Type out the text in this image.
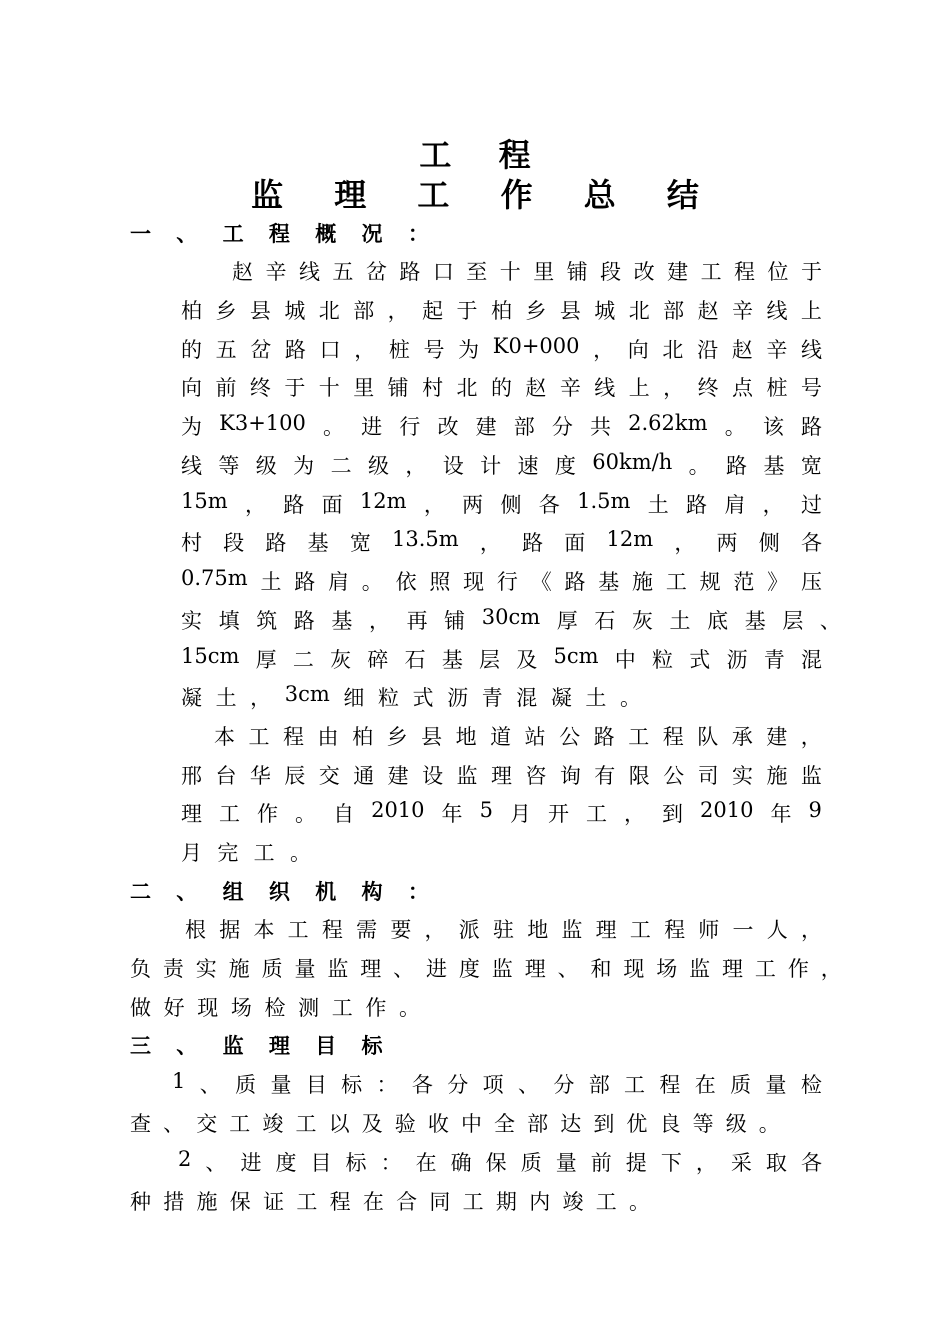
工 程
监 理 工 作 总 结
一 、 工 程 概 况 ：
赵 辛 线 五 岔 路 口 至 十 里 铺 段 改 建 工 程 位 于
柏 乡 县 城 北 部 ， 起 于 柏 乡 县 城 北 部 赵 辛 线 上
的 五 岔 路 口 ， 桩 号 为 K0+000 ， 向 北 沿 赵 辛 线
向 前 终 于 十 里 铺 村 北 的 赵 辛 线 上 ， 终 点 桩 号
为 K3+100 。 进 行 改 建 部 分 共 2.62km 。 该 路
线 等 级 为 二 级 ， 设 计 速 度 60km/h 。 路 基 宽
15m ， 路 面 12m ， 两 侧 各 1.5m 土 路 肩 ， 过
村 段 路 基 宽 13.5m ， 路 面 12m ， 两 侧 各
0.75m 土 路 肩 。 依 照 现 行 《 路 基 施 工 规 范 》 压
实 填 筑 路 基 ， 再 铺 30cm 厚 石 灰 土 底 基 层 、
15cm 厚 二 灰 碎 石 基 层 及 5cm 中 粒 式 沥 青 混
凝 土 ， 3cm 细 粒 式 沥 青 混 凝 土 。
本 工 程 由 柏 乡 县 地 道 站 公 路 工 程 队 承 建 ，
邢 台 华 辰 交 通 建 设 监 理 咨 询 有 限 公 司 实 施 监
理 工 作 。 自 2010 年 5 月 开 工 ， 到 2010 年 9
月 完 工 。
二 、 组 织 机 构 ：
根 据 本 工 程 需 要 ， 派 驻 地 监 理 工 程 师 一 人 ，
负 责 实 施 质 量 监 理 、 进 度 监 理 、 和 现 场 监 理 工 作 ，
做 好 现 场 检 测 工 作 。
三 、 监 理 目 标
1 、 质 量 目 标 ： 各 分 项 、 分 部 工 程 在 质 量 检
查 、 交 工 竣 工 以 及 验 收 中 全 部 达 到 优 良 等 级 。
2 、 进 度 目 标 ： 在 确 保 质 量 前 提 下 ， 采 取 各
种 措 施 保 证 工 程 在 合 同 工 期 内 竣 工 。
